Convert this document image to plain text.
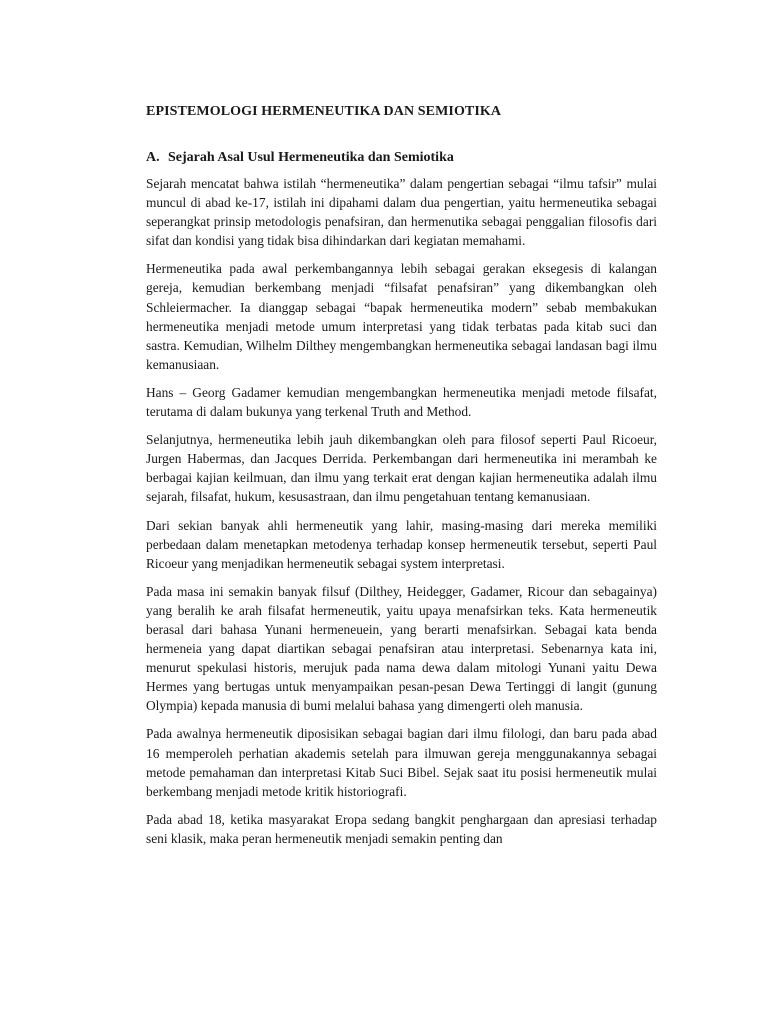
EPISTEMOLOGI HERMENEUTIKA DAN SEMIOTIKA
A. Sejarah Asal Usul Hermeneutika dan Semiotika

Sejarah mencatat bahwa istilah “hermeneutika” dalam pengertian sebagai “ilmu tafsir” mulai muncul di abad ke-17, istilah ini dipahami dalam dua pengertian, yaitu hermeneutika sebagai seperangkat prinsip metodologis penafsiran, dan hermenutika sebagai penggalian filosofis dari sifat dan kondisi yang tidak bisa dihindarkan dari kegiatan memahami.

Hermeneutika pada awal perkembangannya lebih sebagai gerakan eksegesis di kalangan gereja, kemudian berkembang menjadi “filsafat penafsiran” yang dikembangkan oleh Schleiermacher. Ia dianggap sebagai “bapak hermeneutika modern” sebab membakukan hermeneutika menjadi metode umum interpretasi yang tidak terbatas pada kitab suci dan sastra. Kemudian, Wilhelm Dilthey mengembangkan hermeneutika sebagai landasan bagi ilmu kemanusiaan.

Hans – Georg Gadamer kemudian mengembangkan hermeneutika menjadi metode filsafat, terutama di dalam bukunya yang terkenal Truth and Method.

Selanjutnya, hermeneutika lebih jauh dikembangkan oleh para filosof seperti Paul Ricoeur, Jurgen Habermas, dan Jacques Derrida. Perkembangan dari hermeneutika ini merambah ke berbagai kajian keilmuan, dan ilmu yang terkait erat dengan kajian hermeneutika adalah ilmu sejarah, filsafat, hukum, kesusastraan, dan ilmu pengetahuan tentang kemanusiaan.

Dari sekian banyak ahli hermeneutik yang lahir, masing-masing dari mereka memiliki perbedaan dalam menetapkan metodenya terhadap konsep hermeneutik tersebut, seperti Paul Ricoeur yang menjadikan hermeneutik sebagai system interpretasi.

Pada masa ini semakin banyak filsuf (Dilthey, Heidegger, Gadamer, Ricour dan sebagainya) yang beralih ke arah filsafat hermeneutik, yaitu upaya menafsirkan teks. Kata hermeneutik berasal dari bahasa Yunani hermeneuein, yang berarti menafsirkan. Sebagai kata benda hermeneia yang dapat diartikan sebagai penafsiran atau interpretasi. Sebenarnya kata ini, menurut spekulasi historis, merujuk pada nama dewa dalam mitologi Yunani yaitu Dewa Hermes yang bertugas untuk menyampaikan pesan-pesan Dewa Tertinggi di langit (gunung Olympia) kepada manusia di bumi melalui bahasa yang dimengerti oleh manusia.

Pada awalnya hermeneutik diposisikan sebagai bagian dari ilmu filologi, dan baru pada abad 16 memperoleh perhatian akademis setelah para ilmuwan gereja menggunakannya sebagai metode pemahaman dan interpretasi Kitab Suci Bibel. Sejak saat itu posisi hermeneutik mulai berkembang menjadi metode kritik historiografi.

Pada abad 18, ketika masyarakat Eropa sedang bangkit penghargaan dan apresiasi terhadap seni klasik, maka peran hermeneutik menjadi semakin penting dan
